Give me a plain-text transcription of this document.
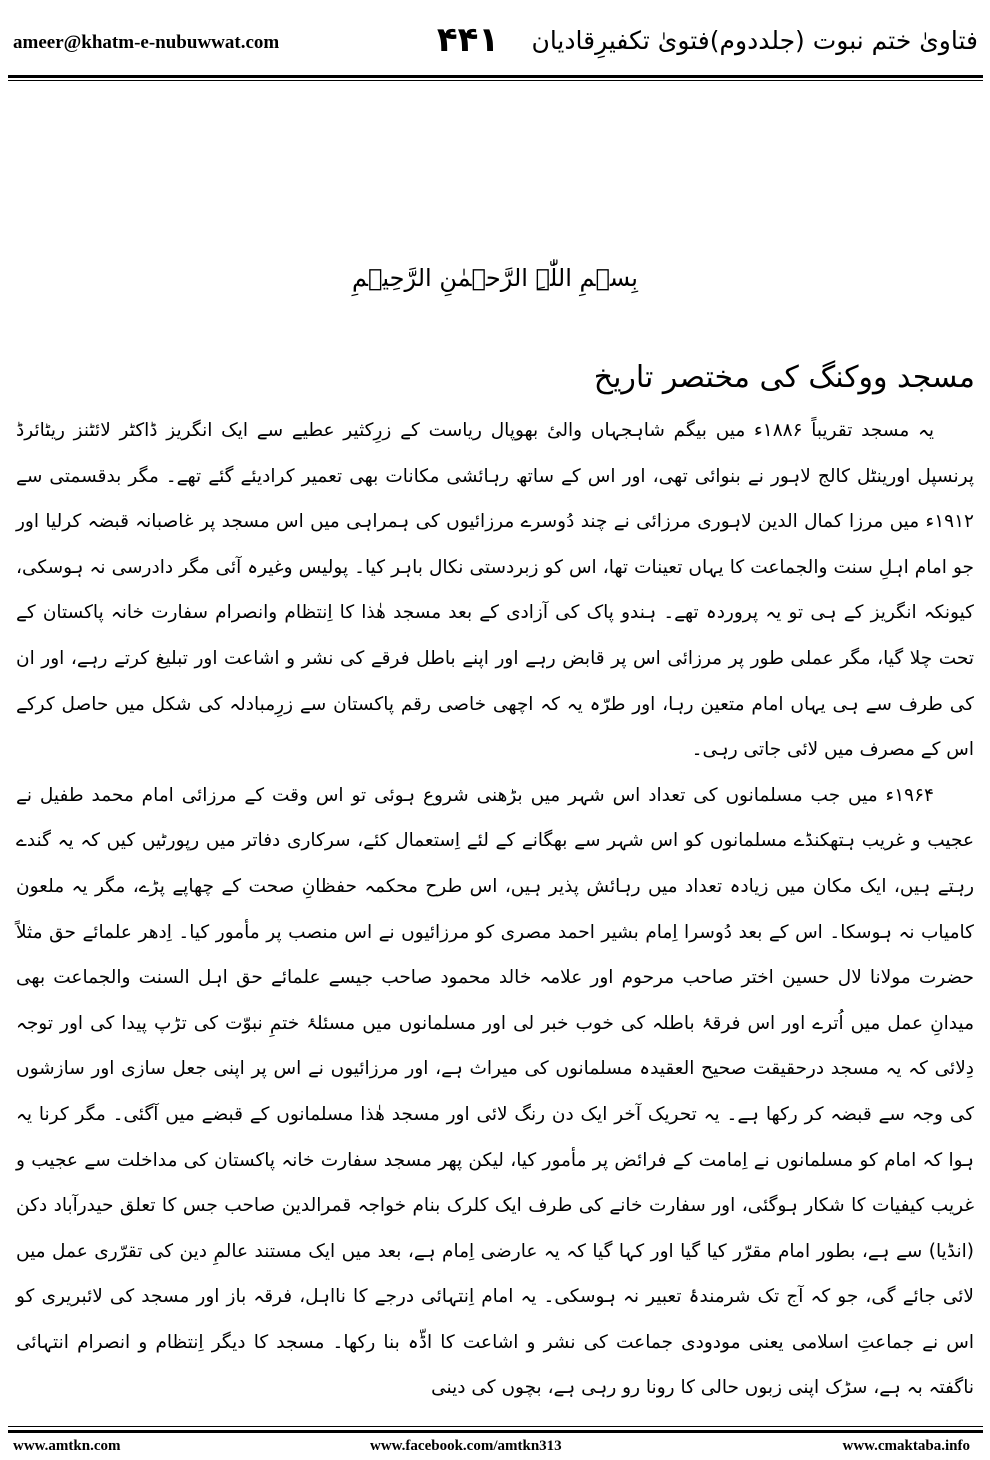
ameer@khatm-e-nubuwwat.com	۴۴۱	فتاویٰ ختم نبوت (جلددوم)فتویٰ تکفیرِقادیان
بِسۡمِ اللّٰہِ الرَّحۡمٰنِ الرَّحِیۡمِ
مسجد ووکنگ کی مختصر تاریخ

یہ مسجد تقریباً ۱۸۸۶ء میں بیگم شاہجہاں والیٔ بھوپال ریاست کے زرِکثیر عطیے سے ایک انگریز ڈاکٹر لائٹنز ریٹائرڈ پرنسپل اورینٹل کالج لاہور نے بنوائی تھی، اور اس کے ساتھ رہائشی مکانات بھی تعمیر کرادیئے گئے تھے۔ مگر بدقسمتی سے ۱۹۱۲ء میں مرزا کمال الدین لاہوری مرزائی نے چند دُوسرے مرزائیوں کی ہمراہی میں اس مسجد پر غاصبانہ قبضہ کرلیا اور جو امام اہلِ سنت والجماعت کا یہاں تعینات تھا، اس کو زبردستی نکال باہر کیا۔ پولیس وغیرہ آئی مگر دادرسی نہ ہوسکی، کیونکہ انگریز کے ہی تو یہ پروردہ تھے۔ ہندو پاک کی آزادی کے بعد مسجد ھٰذا کا اِنتظام وانصرام سفارت خانہ پاکستان کے تحت چلا گیا، مگر عملی طور پر مرزائی اس پر قابض رہے اور اپنے باطل فرقے کی نشر و اشاعت اور تبلیغ کرتے رہے، اور ان کی طرف سے ہی یہاں امام متعین رہا، اور طرّہ یہ کہ اچھی خاصی رقم پاکستان سے زرِمبادلہ کی شکل میں حاصل کرکے اس کے مصرف میں لائی جاتی رہی۔

۱۹۶۴ء میں جب مسلمانوں کی تعداد اس شہر میں بڑھنی شروع ہوئی تو اس وقت کے مرزائی امام محمد طفیل نے عجیب و غریب ہتھکنڈے مسلمانوں کو اس شہر سے بھگانے کے لئے اِستعمال کئے، سرکاری دفاتر میں رپورٹیں کیں کہ یہ گندے رہتے ہیں، ایک مکان میں زیادہ تعداد میں رہائش پذیر ہیں، اس طرح محکمہ حفظانِ صحت کے چھاپے پڑے، مگر یہ ملعون کامیاب نہ ہوسکا۔ اس کے بعد دُوسرا اِمام بشیر احمد مصری کو مرزائیوں نے اس منصب پر مأمور کیا۔ اِدھر علمائے حق مثلاً حضرت مولانا لال حسین اختر صاحب مرحوم اور علامہ خالد محمود صاحب جیسے علمائے حق اہل السنت والجماعت بھی میدانِ عمل میں اُترے اور اس فرقۂ باطلہ کی خوب خبر لی اور مسلمانوں میں مسئلۂ ختمِ نبوّت کی تڑپ پیدا کی اور توجہ دِلائی کہ یہ مسجد درحقیقت صحیح العقیدہ مسلمانوں کی میراث ہے، اور مرزائیوں نے اس پر اپنی جعل سازی اور سازشوں کی وجہ سے قبضہ کر رکھا ہے۔ یہ تحریک آخر ایک دن رنگ لائی اور مسجد ھٰذا مسلمانوں کے قبضے میں آگئی۔ مگر کرنا یہ ہوا کہ امام کو مسلمانوں نے اِمامت کے فرائض پر مأمور کیا، لیکن پھر مسجد سفارت خانہ پاکستان کی مداخلت سے عجیب و غریب کیفیات کا شکار ہوگئی، اور سفارت خانے کی طرف ایک کلرک بنام خواجہ قمرالدین صاحب جس کا تعلق حیدرآباد دکن (انڈیا) سے ہے، بطور امام مقرّر کیا گیا اور کہا گیا کہ یہ عارضی اِمام ہے، بعد میں ایک مستند عالمِ دین کی تقرّری عمل میں لائی جائے گی، جو کہ آج تک شرمندۂ تعبیر نہ ہوسکی۔ یہ امام اِنتہائی درجے کا نااہل، فرقہ باز اور مسجد کی لائبریری کو اس نے جماعتِ اسلامی یعنی مودودی جماعت کی نشر و اشاعت کا اڈّہ بنا رکھا۔ مسجد کا دیگر اِنتظام و انصرام انتہائی ناگفتہ بہ ہے، سڑک اپنی زبوں حالی کا رونا رو رہی ہے، بچوں کی دینی

www.amtkn.com	www.facebook.com/amtkn313	www.cmaktaba.info
